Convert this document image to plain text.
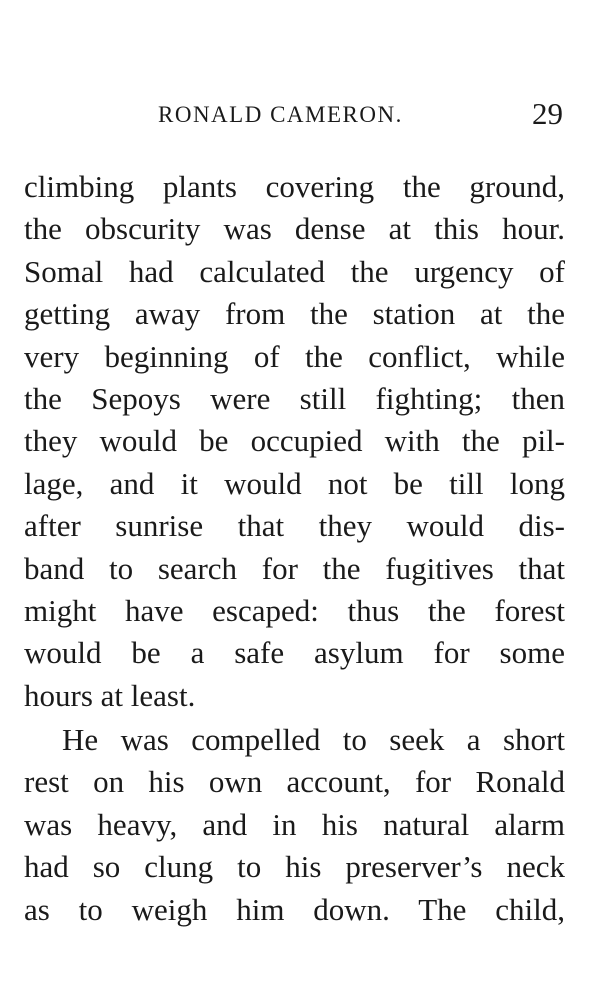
RONALD CAMERON.	29
climbing plants covering the ground,
the obscurity was dense at this hour.
Somal had calculated the urgency of
getting away from the station at the
very beginning of the conflict, while
the Sepoys were still fighting; then
they would be occupied with the pil-
lage, and it would not be till long
after sunrise that they would dis-
band to search for the fugitives that
might have escaped: thus the forest
would be a safe asylum for some
hours at least.
He was compelled to seek a short
rest on his own account, for Ronald
was heavy, and in his natural alarm
had so clung to his preserver’s neck
as to weigh him down. The child,
